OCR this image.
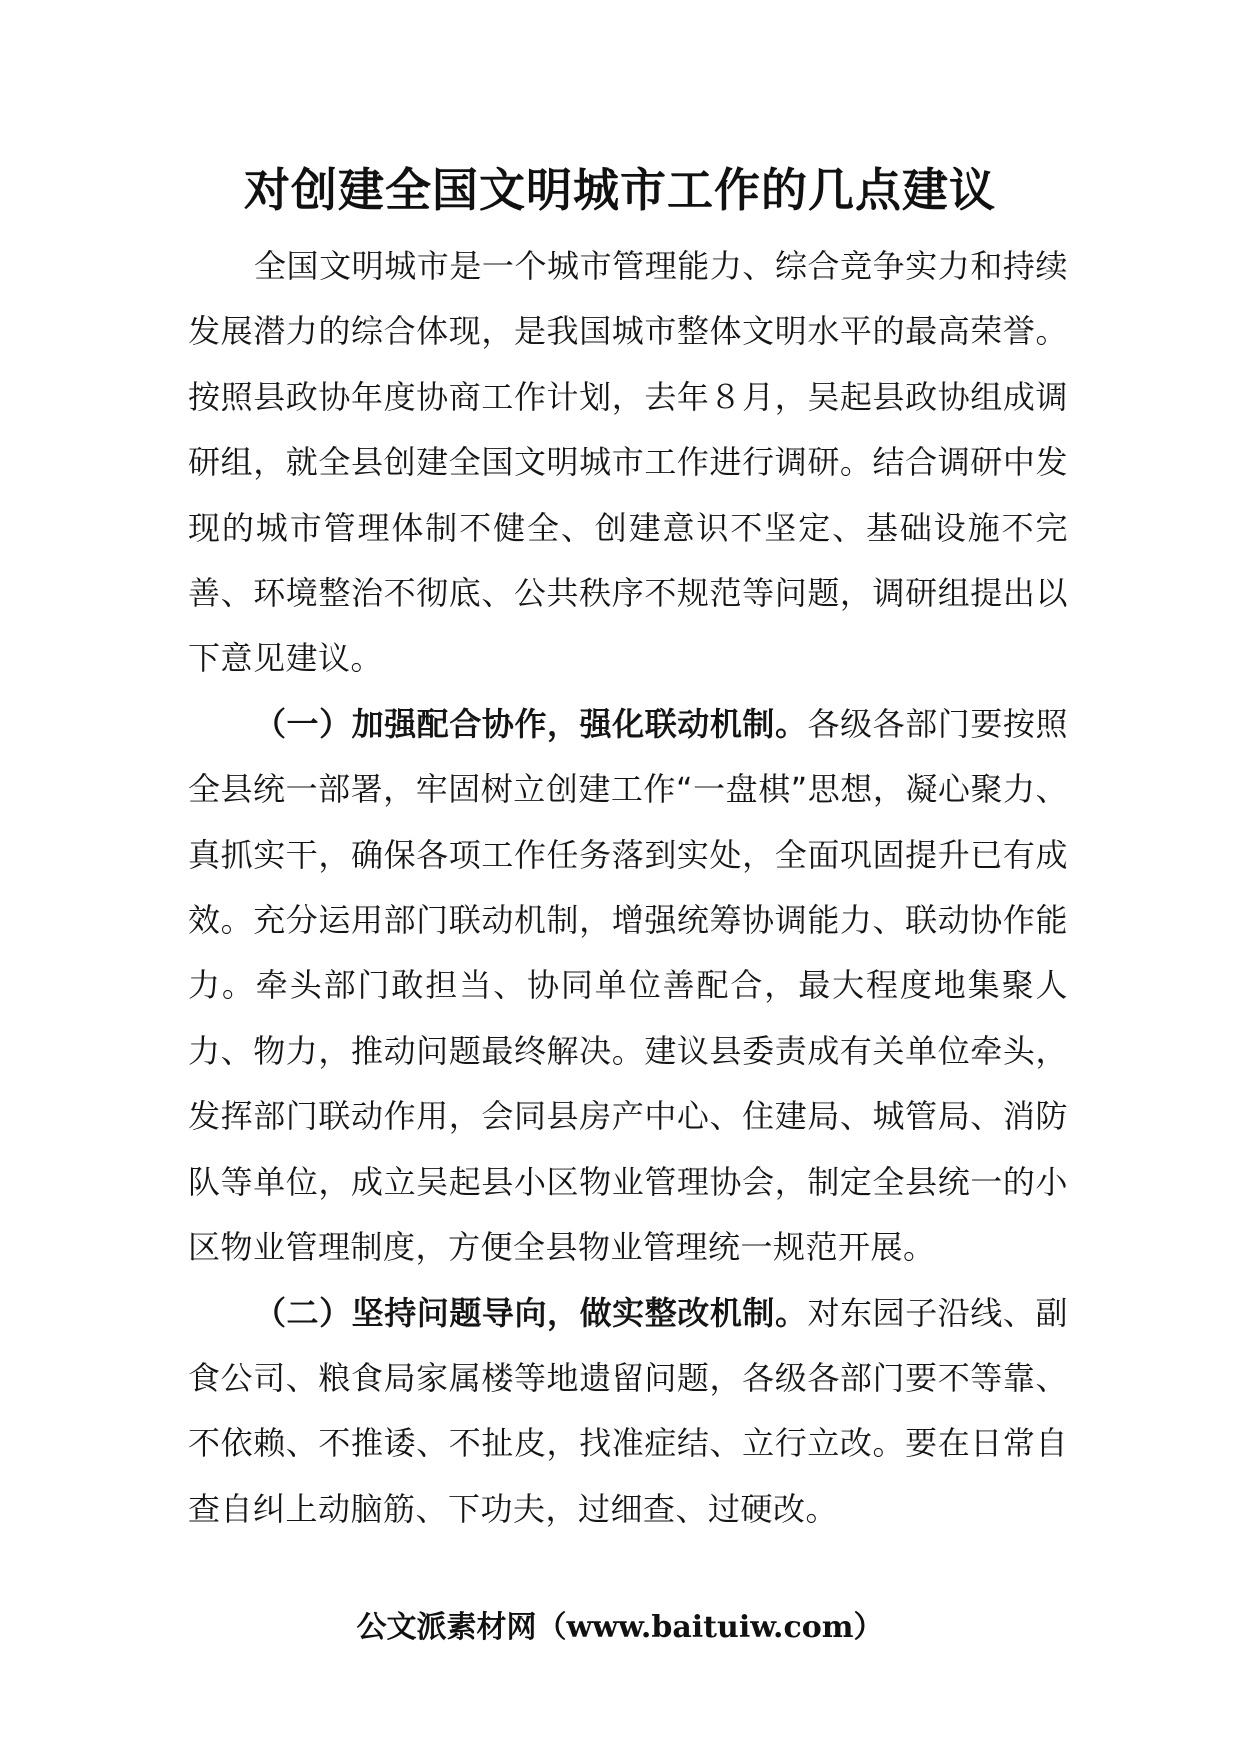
对创建全国文明城市工作的几点建议

全国文明城市是一个城市管理能力、综合竞争实力和持续发展潜力的综合体现，是我国城市整体文明水平的最高荣誉。按照县政协年度协商工作计划，去年８月，吴起县政协组成调研组，就全县创建全国文明城市工作进行调研。结合调研中发现的城市管理体制不健全、创建意识不坚定、基础设施不完善、环境整治不彻底、公共秩序不规范等问题，调研组提出以下意见建议。

（一）加强配合协作，强化联动机制。各级各部门要按照全县统一部署，牢固树立创建工作“一盘棋”思想，凝心聚力、真抓实干，确保各项工作任务落到实处，全面巩固提升已有成效。充分运用部门联动机制，增强统筹协调能力、联动协作能力。牵头部门敢担当、协同单位善配合，最大程度地集聚人力、物力，推动问题最终解决。建议县委责成有关单位牵头，发挥部门联动作用，会同县房产中心、住建局、城管局、消防队等单位，成立吴起县小区物业管理协会，制定全县统一的小区物业管理制度，方便全县物业管理统一规范开展。

（二）坚持问题导向，做实整改机制。对东园子沿线、副食公司、粮食局家属楼等地遗留问题，各级各部门要不等靠、不依赖、不推诿、不扯皮，找准症结、立行立改。要在日常自查自纠上动脑筋、下功夫，过细查、过硬改。

公文派素材网（www.baituiw.com）
